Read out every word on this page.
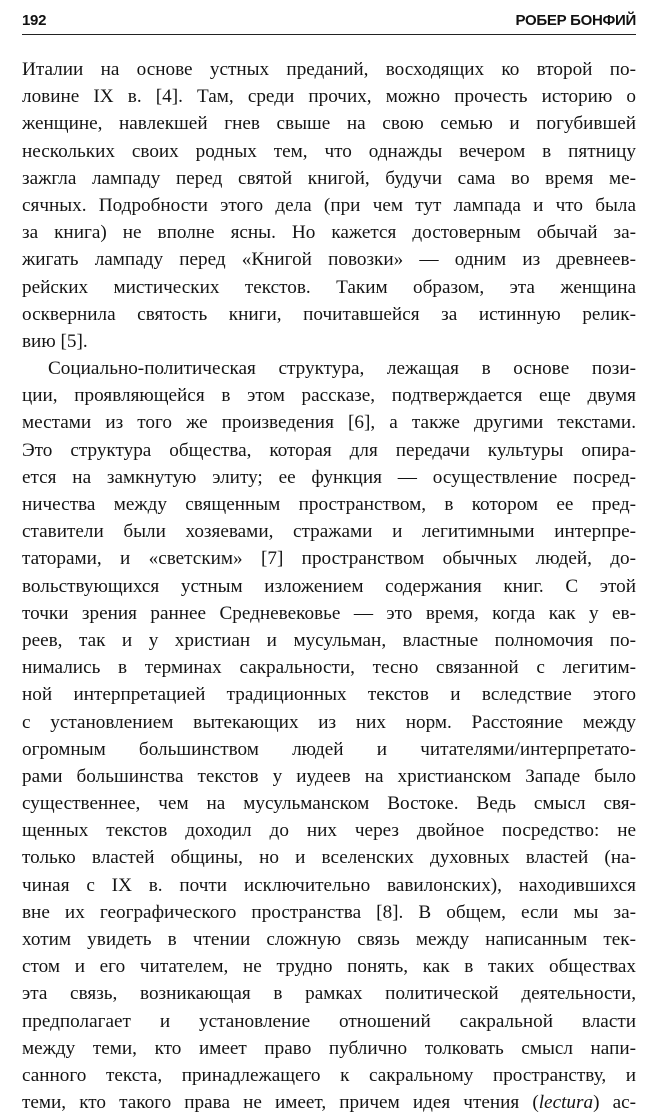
192	РОБЕР БОНФИЙ
Италии на основе устных преданий, восходящих ко второй по-
ловине IX в. [4]. Там, среди прочих, можно прочесть историю о
женщине, навлекшей гнев свыше на свою семью и погубившей
нескольких своих родных тем, что однажды вечером в пятницу
зажгла лампаду перед святой книгой, будучи сама во время ме-
сячных. Подробности этого дела (при чем тут лампада и что была
за книга) не вполне ясны. Но кажется достоверным обычай за-
жигать лампаду перед «Книгой повозки» — одним из древнеев-
рейских мистических текстов. Таким образом, эта женщина
осквернила святость книги, почитавшейся за истинную релик-
вию [5].
Социально-политическая структура, лежащая в основе пози-
ции, проявляющейся в этом рассказе, подтверждается еще двумя
местами из того же произведения [6], а также другими текстами.
Это структура общества, которая для передачи культуры опира-
ется на замкнутую элиту; ее функция — осуществление посред-
ничества между священным пространством, в котором ее пред-
ставители были хозяевами, стражами и легитимными интерпре-
таторами, и «светским» [7] пространством обычных людей, до-
вольствующихся устным изложением содержания книг. С этой
точки зрения раннее Средневековье — это время, когда как у ев-
реев, так и у христиан и мусульман, властные полномочия по-
нимались в терминах сакральности, тесно связанной с легитим-
ной интерпретацией традиционных текстов и вследствие этого
с установлением вытекающих из них норм. Расстояние между
огромным большинством людей и читателями/интерпретато-
рами большинства текстов у иудеев на христианском Западе было
существеннее, чем на мусульманском Востоке. Ведь смысл свя-
щенных текстов доходил до них через двойное посредство: не
только властей общины, но и вселенских духовных властей (на-
чиная с IX в. почти исключительно вавилонских), находившихся
вне их географического пространства [8]. В общем, если мы за-
хотим увидеть в чтении сложную связь между написанным тек-
стом и его читателем, не трудно понять, как в таких обществах
эта связь, возникающая в рамках политической деятельности,
предполагает и установление отношений сакральной власти
между теми, кто имеет право публично толковать смысл напи-
санного текста, принадлежащего к сакральному пространству, и
теми, кто такого права не имеет, причем идея чтения (lectura) ас-
